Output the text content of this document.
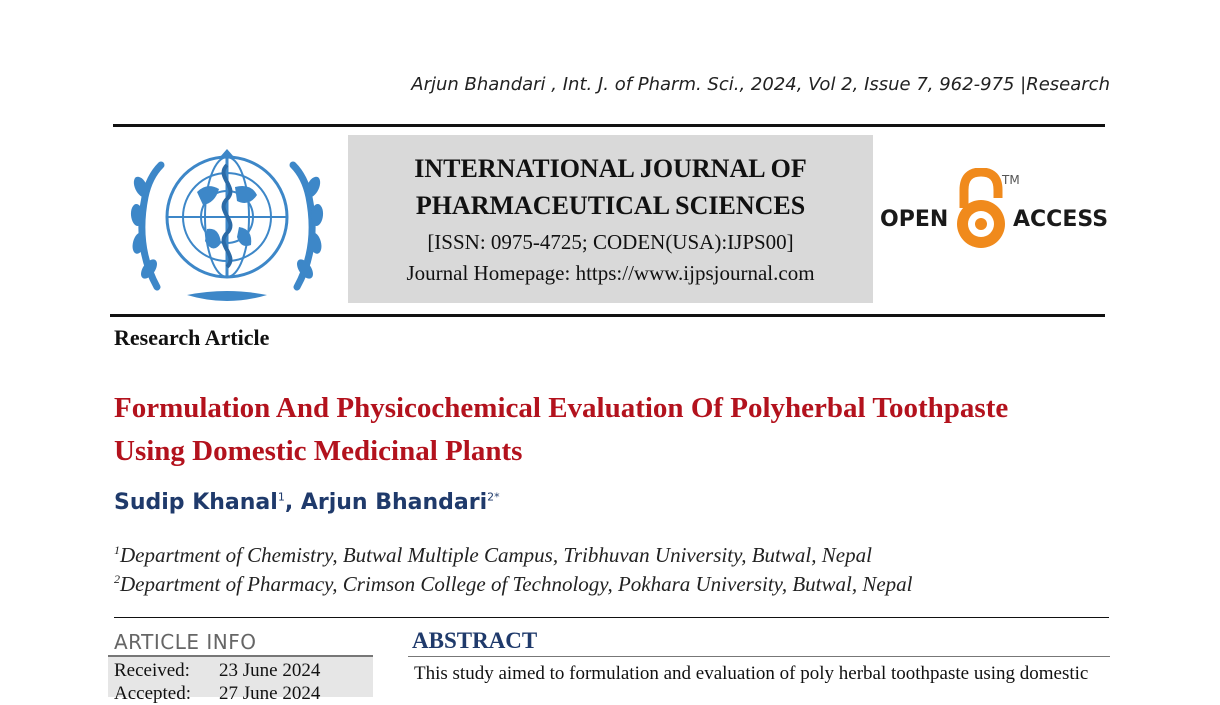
Arjun Bhandari , Int. J. of Pharm. Sci., 2024, Vol 2, Issue 7, 962-975 |Research
INTERNATIONAL JOURNAL OF
PHARMACEUTICAL SCIENCES
[ISSN: 0975-4725; CODEN(USA):IJPS00]
Journal Homepage: https://www.ijpsjournal.com
OPEN	ACCESS
TM
Research Article
Formulation And Physicochemical Evaluation Of Polyherbal Toothpaste
Using Domestic Medicinal Plants
Sudip Khanal$^1$, Arjun Bhandari$^{2*}$
$^1$Department of Chemistry, Butwal Multiple Campus, Tribhuvan University, Butwal, Nepal
$^2$Department of Pharmacy, Crimson College of Technology, Pokhara University, Butwal, Nepal
ARTICLE INFO
Received: 23 June 2024
Accepted: 27 June 2024
ABSTRACT
This study aimed to formulation and evaluation of poly herbal toothpaste using domestic
